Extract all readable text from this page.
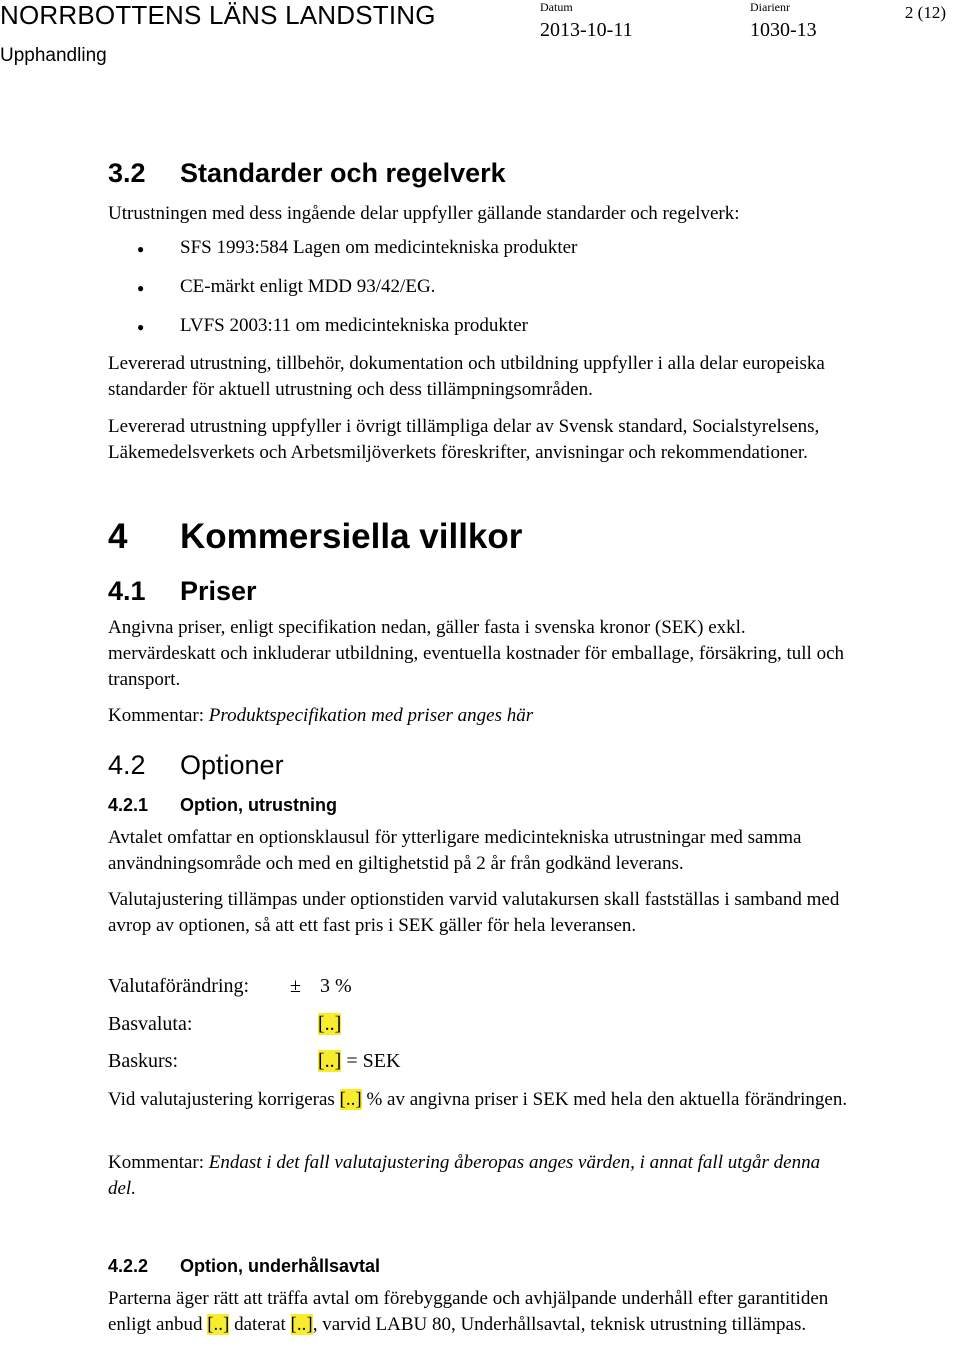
NORRBOTTENS LÄNS LANDSTING
Upphandling
Datum
2013-10-11
Diarienr
1030-13
2 (12)
3.2 Standarder och regelverk
Utrustningen med dess ingående delar uppfyller gällande standarder och regelverk:
● SFS 1993:584 Lagen om medicintekniska produkter
● CE-märkt enligt MDD 93/42/EG.
● LVFS 2003:11 om medicintekniska produkter
Levererad utrustning, tillbehör, dokumentation och utbildning uppfyller i alla delar europeiska standarder för aktuell utrustning och dess tillämpningsområden.
Levererad utrustning uppfyller i övrigt tillämpliga delar av Svensk standard, Socialstyrelsens, Läkemedelsverkets och Arbetsmiljöverkets föreskrifter, anvisningar och rekommendationer.
4 Kommersiella villkor
4.1 Priser
Angivna priser, enligt specifikation nedan, gäller fasta i svenska kronor (SEK) exkl. mervärdeskatt och inkluderar utbildning, eventuella kostnader för emballage, försäkring, tull och transport.
Kommentar: Produktspecifikation med priser anges här
4.2 Optioner
4.2.1 Option, utrustning
Avtalet omfattar en optionsklausul för ytterligare medicintekniska utrustningar med samma användningsområde och med en giltighetstid på 2 år från godkänd leverans.
Valutajustering tillämpas under optionstiden varvid valutakursen skall fastställas i samband med avrop av optionen, så att ett fast pris i SEK gäller för hela leveransen.
Valutaförändring: ± 3 %
Basvaluta:	[..]
Baskurs:	[..] = SEK
Vid valutajustering korrigeras [..] % av angivna priser i SEK med hela den aktuella förändringen.
Kommentar: Endast i det fall valutajustering åberopas anges värden, i annat fall utgår denna del.
4.2.2 Option, underhållsavtal
Parterna äger rätt att träffa avtal om förebyggande och avhjälpande underhåll efter garantitiden enligt anbud [..] daterat [..], varvid LABU 80, Underhållsavtal, teknisk utrustning tillämpas.
